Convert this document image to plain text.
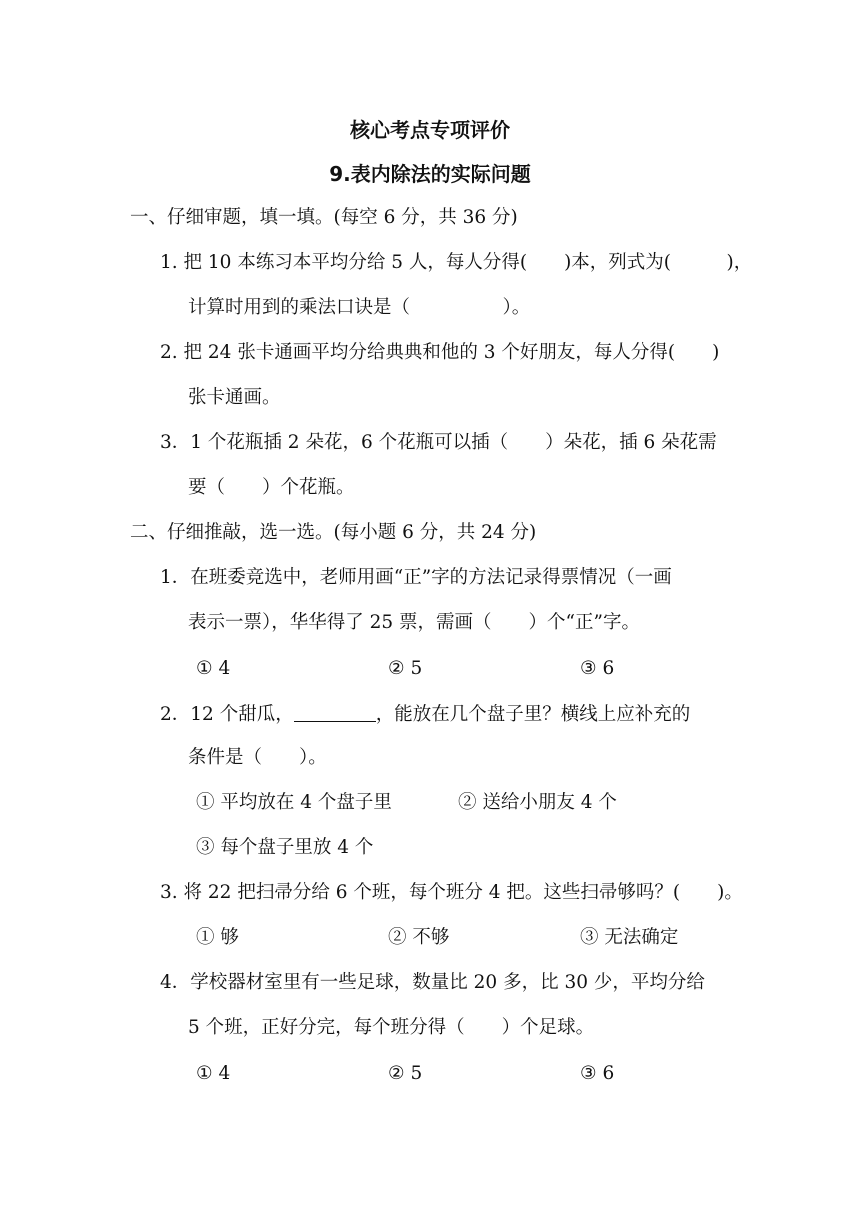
核心考点专项评价
9.表内除法的实际问题
一、仔细审题，填一填。(每空 6 分，共 36 分)
1. 把 10 本练习本平均分给 5 人，每人分得(　　)本，列式为(　　　)，
计算时用到的乘法口诀是（　　　　　）。
2. 把 24 张卡通画平均分给典典和他的 3 个好朋友，每人分得(　　)
张卡通画。
3．1 个花瓶插 2 朵花，6 个花瓶可以插（　　）朵花，插 6 朵花需
要（　　）个花瓶。
二、仔细推敲，选一选。(每小题 6 分，共 24 分)
1．在班委竞选中，老师用画“正”字的方法记录得票情况（一画
表示一票），华华得了 25 票，需画（　　）个“正”字。
① 4	② 5	③ 6
2．12 个甜瓜，	，能放在几个盘子里？横线上应补充的
条件是（　　）。
① 平均放在 4 个盘子里	② 送给小朋友 4 个
③ 每个盘子里放 4 个
3. 将 22 把扫帚分给 6 个班，每个班分 4 把。这些扫帚够吗？(　　)。
① 够	② 不够	③ 无法确定
4．学校器材室里有一些足球，数量比 20 多，比 30 少，平均分给
5 个班，正好分完，每个班分得（　　）个足球。
① 4	② 5	③ 6
